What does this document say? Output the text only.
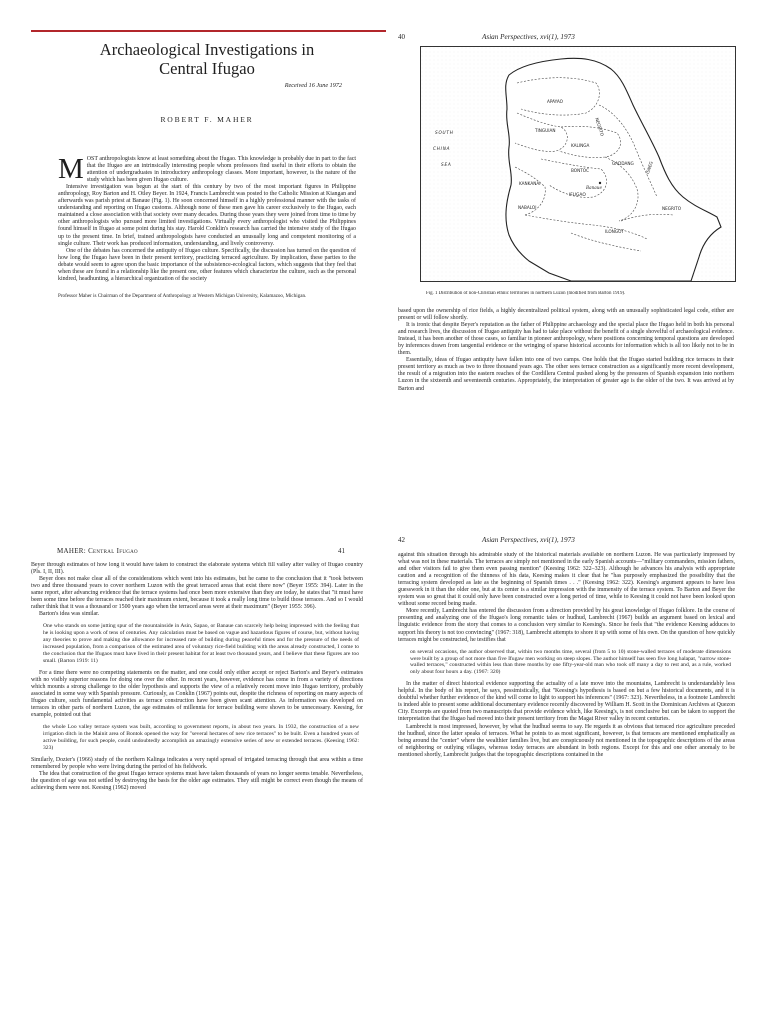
Archaeological Investigations in
Central Ifugao
Received 16 June 1972
ROBERT F. MAHER

MOST anthropologists know at least something about the Ifugao. This knowledge is probably due in part to the fact that the Ifugao are an intrinsically interesting people whom professors find useful in their efforts to obtain the attention of undergraduates in introductory anthropology classes. More important, however, is the nature of the study which has been given Ifugao culture.

Intensive investigation was begun at the start of this century by two of the most important figures in Philippine anthropology, Roy Barton and H. Otley Beyer. In 1924, Francis Lambrecht was posted to the Catholic Mission at Kiangan and afterwards was parish priest at Banaue (Fig. 1). He soon concerned himself in a highly professional manner with the tasks of understanding and reporting on Ifugao customs. Although none of these men gave his career exclusively to the Ifugao, each maintained a close association with that society over many decades. During those years they were joined from time to time by other anthropologists who pursued more limited investigations. Virtually every anthropologist who visited the Philippines found himself in Ifugao at some point during his stay. Harold Conklin's research has carried the intensive study of the Ifugao up to the present time. In brief, trained anthropologists have conducted an unusually long and competent monitoring of a single culture. Their work has produced information, understanding, and lively controversy.

One of the debates has concerned the antiquity of Ifugao culture. Specifically, the discussion has turned on the question of how long the Ifugao have been in their present territory, practicing terraced agriculture. By implication, these parties to the debate would seem to agree upon the basic importance of the subsistence-ecological factors, which suggests that they feel that when these are found in a relationship like the present one, other features which characterize the culture, such as the personal kindred, headhunting, a hierarchical organization of the society

Professor Maher is Chairman of the Department of Anthropology at Western Michigan University, Kalamazoo, Michigan.

40	Asian Perspectives, xvi(1), 1973
APAYAO
NEGRITO
TINGUIAN
SOUTH
CHINA
SEA
KALINGA
GADDANG
BONTOC
KANKANAI
Banaue
IFUGAO
ISNEG
NABALOI	NEGRITO
ILONGOT

Fig. 1 Distribution of non-Christian ethnic territories in northern Luzon (modified from Barton 1919).

based upon the ownership of rice fields, a highly decentralized political system, along with an unusually sophisticated legal code, either are present or will follow shortly.

It is ironic that despite Beyer's reputation as the father of Philippine archaeology and the special place the Ifugao held in both his personal and research lives, the discussion of Ifugao antiquity has had to take place without the benefit of a single shovelful of archaeological evidence. Instead, it has been another of those cases, so familiar in pioneer anthropology, where positions concerning temporal questions are developed by inferences drawn from tangential evidence or the wringing of sparse historical accounts for information which is all too likely not to be in them.

Essentially, ideas of Ifugao antiquity have fallen into one of two camps. One holds that the Ifugao started building rice terraces in their present territory as much as two to three thousand years ago. The other sees terrace construction as a significantly more recent development, the result of a migration into the eastern reaches of the Cordillera Central pushed along by the pressures of Spanish expansion into northern Luzon in the sixteenth and seventeenth centuries. Appropriately, the interpretation of greater age is the older of the two. It was arrived at by Barton and

MAHER: Central Ifugao	41

Beyer through estimates of how long it would have taken to construct the elaborate systems which fill valley after valley of Ifugao country (Pls. I, II, III).

Beyer does not make clear all of the considerations which went into his estimates, but he came to the conclusion that it "took between two and three thousand years to cover northern Luzon with the great terraced areas that exist there now" (Beyer 1955: 394). Later in the same report, after advancing evidence that the terrace systems had once been more extensive than they are today, he states that "it must have been some time before the terraces reached their maximum extent, because it took a really long time to build those terraces. And so I would rather think that it was a thousand or 1500 years ago when the terraced areas were at their maximum" (Beyer 1955: 396).

Barton's idea was similar.

One who stands on some jutting spur of the mountainside in Asin, Sapao, or Banaue can scarcely help being impressed with the feeling that he is looking upon a work of tens of centuries. Any calculation must be based on vague and hazardous figures of course, but, without having any theories to prove and making due allowance for increased rate of building during peaceful times and for the pressure of the needs of increased population, from a comparison of the estimated area of voluntary rice-field building with the areas already constructed, I come to the conclusion that the Ifugaos must have lived in their present habitat for at least two thousand years, and I believe that these figures are too small. (Barton 1919: 11)

For a time there were no competing statements on the matter, and one could only either accept or reject Barton's and Beyer's estimates with no visibly superior reasons for doing one over the other. In recent years, however, evidence has come in from a variety of directions which mounts a strong challenge to the older hypothesis and supports the view of a relatively recent move into Ifugao territory, probably associated in some way with Spanish pressure. Curiously, as Conklin (1967) points out, despite the richness of reporting on many aspects of Ifugao culture, such fundamental activities as terrace construction have been given scant attention. As information was developed on terraces in other parts of northern Luzon, the age estimates of millennia for terrace building were shown to be unnecessary. Keesing, for example, pointed out that

the whole Loo valley terrace system was built, according to government reports, in about two years. In 1932, the construction of a new irrigation ditch in the Mainit area of Bontok opened the way for "several hectares of new rice terraces" to be built. Even a hundred years of active building, for such people, could undoubtedly accomplish an amazingly extensive series of new or extended terraces. (Keesing 1962: 323)

Similarly, Dozier's (1966) study of the northern Kalinga indicates a very rapid spread of irrigated terracing through that area within a time remembered by people who were living during the period of his fieldwork.

The idea that construction of the great Ifugao terrace systems must have taken thousands of years no longer seems tenable. Nevertheless, the question of age was not settled by destroying the basis for the older age estimates. They still might be correct even though the means of achieving them were not. Keesing (1962) moved

42	Asian Perspectives, xvi(1), 1973

against this situation through his admirable study of the historical materials available on northern Luzon. He was particularly impressed by what was not in these materials. The terraces are simply not mentioned in the early Spanish accounts—"military commanders, mission fathers, and other visitors fail to give them even passing mention" (Keesing 1962: 322–323). Although he advances his analysis with appropriate caution and a recognition of the thinness of his data, Keesing makes it clear that he "has purposely emphasized the possibility that the terracing system developed as late as the beginning of Spanish times . . ." (Keesing 1962: 322). Keesing's argument appears to have less guesswork in it than the older one, but at its center is a similar impression with the immensity of the terrace system. To Barton and Beyer the system was so great that it could only have been constructed over a long period of time, while to Keesing it could not have been looked upon without some record being made.

More recently, Lambrecht has entered the discussion from a direction provided by his great knowledge of Ifugao folklore. In the course of presenting and analyzing one of the Ifugao's long romantic tales or hudhud, Lambrecht (1967) builds an argument based on lexical and linguistic evidence from the story that comes to a conclusion very similar to Keesing's. Since he feels that "the evidence Keesing adduces to support his theory is not too convincing" (1967: 318), Lambrecht attempts to shore it up with some of his own. On the question of how quickly terraces might be constructed, he testifies that

on several occasions, the author observed that, within two months time, several (from 5 to 10) stone-walled terraces of moderate dimensions were built by a group of not more than five Ifugaw men working on steep slopes. The author himself has seen five long halapat, "narrow stone-walled terraces," constructed within less than three months by one fifty-year-old man who took off many a day to rest and, as a rule, worked only about four hours a day. (1967: 320)

In the matter of direct historical evidence supporting the actuality of a late move into the mountains, Lambrecht is understandably less helpful. In the body of his report, he says, pessimistically, that "Keesing's hypothesis is based on but a few historical documents, and it is doubtful whether further evidence of the kind will come to light to support his inferences" (1967: 323). Nevertheless, in a footnote Lambrecht is indeed able to present some additional documentary evidence recently discovered by William H. Scott in the Dominican Archives at Quezon City. Excerpts are quoted from two manuscripts that provide evidence which, like Keesing's, is not conclusive but can be taken to support the interpretation that the Ifugao had moved into their present territory from the Magat River valley in recent centuries.

Lambrecht is most impressed, however, by what the hudhud seems to say. He regards it as obvious that terraced rice agriculture preceded the hudhud, since the latter speaks of terraces. What he points to as most significant, however, is that terraces are mentioned emphatically as being around the "center" where the wealthier families live, but are conspicuously not mentioned in the topographic descriptions of the areas of neighboring or outlying villages, whereas today terraces are abundant in both regions. Except for this and one other anomaly to be mentioned shortly, Lambrecht judges that the topographic descriptions contained in the
